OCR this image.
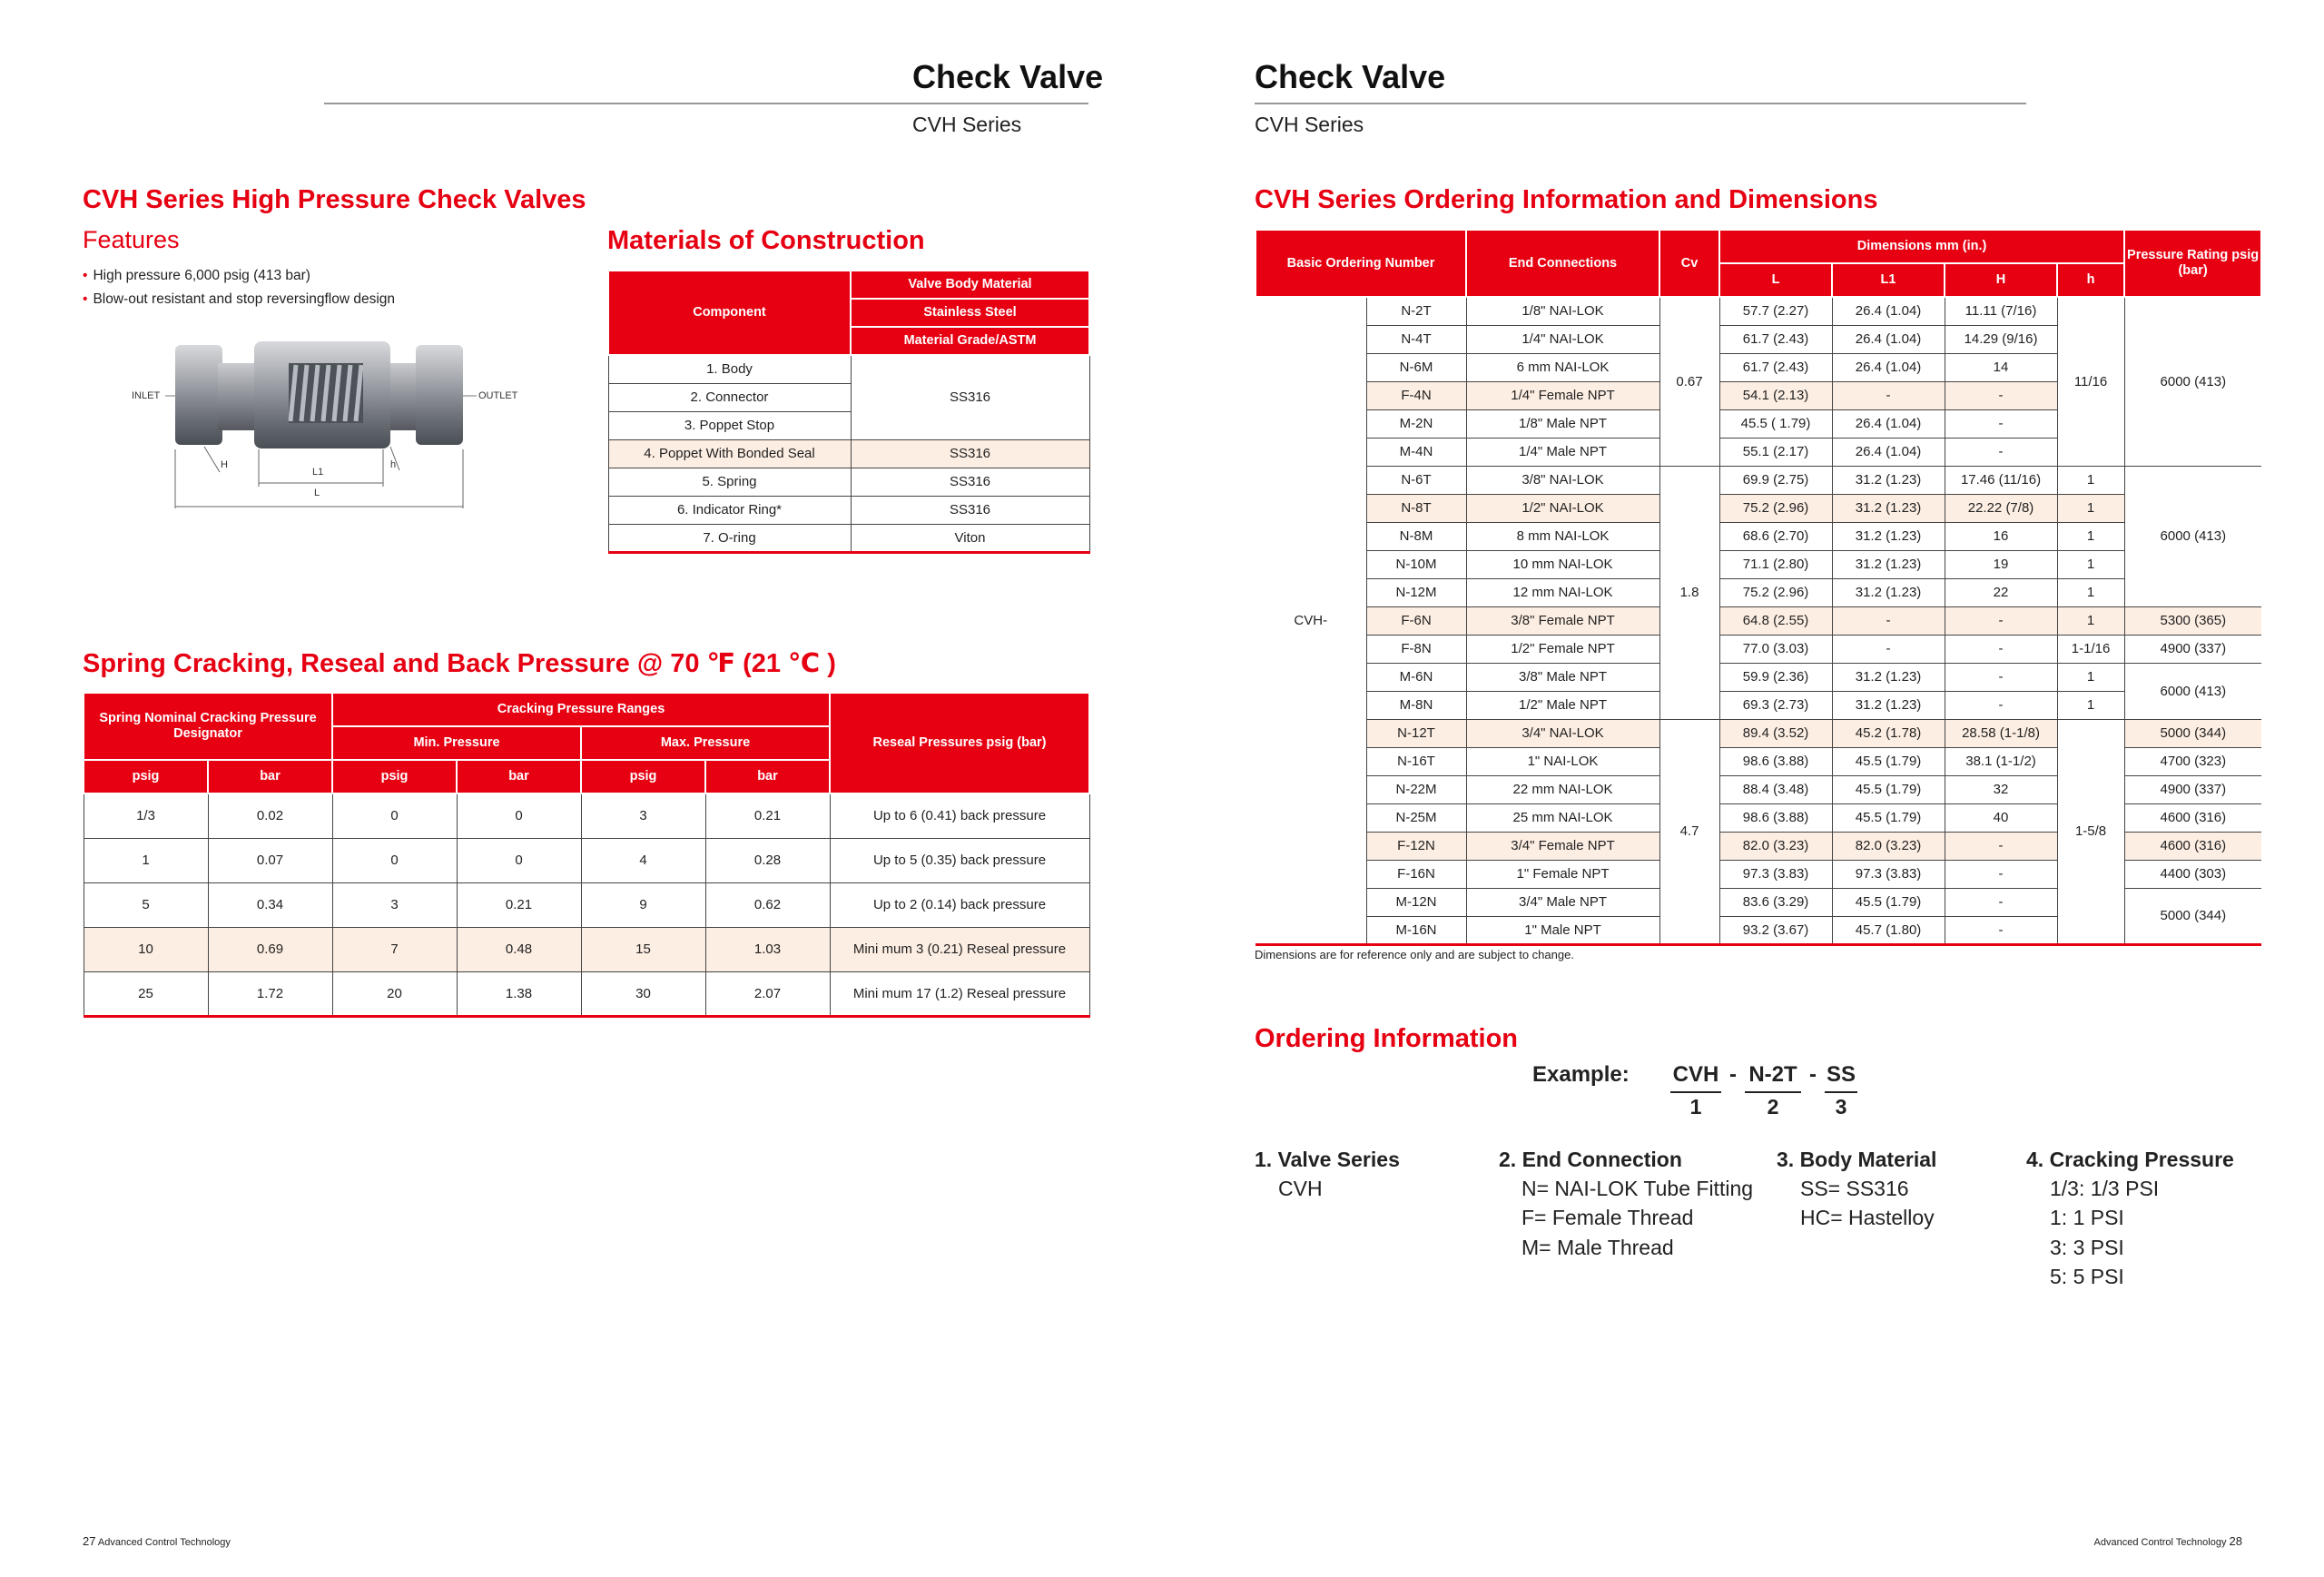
Check Valve
CVH Series
Check Valve
CVH Series
CVH Series High Pressure Check Valves
Features
• High pressure 6,000 psig (413 bar)
• Blow-out resistant and stop reversingflow design
INLET	OUTLET
H	h
L1
L
Materials of Construction
Component	Valve Body Material
	Stainless Steel
	Material Grade/ASTM
1. Body	SS316
2. Connector	
3. Poppet Stop	
4. Poppet With Bonded Seal	SS316
5. Spring	SS316
6. Indicator Ring*	SS316
7. O-ring	Viton
Spring Cracking, Reseal and Back Pressure @ 70 ℉ (21 ℃ )
Spring Nominal Cracking Pressure Designator		Cracking Pressure Ranges				Reseal Pressures psig (bar)
		Min. Pressure		Max. Pressure		
psig	bar	psig	bar	psig	bar	
1/3	0.02	0	0	3	0.21	Up to 6 (0.41) back pressure
1	0.07	0	0	4	0.28	Up to 5 (0.35) back pressure
5	0.34	3	0.21	9	0.62	Up to 2 (0.14) back pressure
10	0.69	7	0.48	15	1.03	Mini mum 3 (0.21) Reseal pressure
25	1.72	20	1.38	30	2.07	Mini mum 17 (1.2) Reseal pressure
CVH Series Ordering Information and Dimensions
Basic Ordering Number		End Connections	Cv	Dimensions mm (in.)				Pressure Rating psig (bar)
				L	L1	H	h	
CVH-	N-2T	1/8" NAI-LOK	0.67	57.7 (2.27)	26.4 (1.04)	11.11 (7/16)	11/16	6000 (413)
	N-4T	1/4" NAI-LOK		61.7 (2.43)	26.4 (1.04)	14.29 (9/16)		
	N-6M	6 mm NAI-LOK		61.7 (2.43)	26.4 (1.04)	14		
	F-4N	1/4" Female NPT		54.1 (2.13)	-	-		
	M-2N	1/8" Male NPT		45.5 ( 1.79)	26.4 (1.04)	-		
	M-4N	1/4" Male NPT		55.1 (2.17)	26.4 (1.04)	-		
	N-6T	3/8" NAI-LOK	1.8	69.9 (2.75)	31.2 (1.23)	17.46 (11/16)	1	6000 (413)
	N-8T	1/2" NAI-LOK		75.2 (2.96)	31.2 (1.23)	22.22 (7/8)	1	
	N-8M	8 mm NAI-LOK		68.6 (2.70)	31.2 (1.23)	16	1	
	N-10M	10 mm NAI-LOK		71.1 (2.80)	31.2 (1.23)	19	1	
	N-12M	12 mm NAI-LOK		75.2 (2.96)	31.2 (1.23)	22	1	
	F-6N	3/8" Female NPT		64.8 (2.55)	-	-	1	5300 (365)
	F-8N	1/2" Female NPT		77.0 (3.03)	-	-	1-1/16	4900 (337)
	M-6N	3/8" Male NPT		59.9 (2.36)	31.2 (1.23)	-	1	6000 (413)
	M-8N	1/2" Male NPT		69.3 (2.73)	31.2 (1.23)	-	1	
	N-12T	3/4" NAI-LOK	4.7	89.4 (3.52)	45.2 (1.78)	28.58 (1-1/8)	1-5/8	5000 (344)
	N-16T	1" NAI-LOK		98.6 (3.88)	45.5 (1.79)	38.1 (1-1/2)		4700 (323)
	N-22M	22 mm NAI-LOK		88.4 (3.48)	45.5 (1.79)	32		4900 (337)
	N-25M	25 mm NAI-LOK		98.6 (3.88)	45.5 (1.79)	40		4600 (316)
	F-12N	3/4" Female NPT		82.0 (3.23)	82.0 (3.23)	-		4600 (316)
	F-16N	1" Female NPT		97.3 (3.83)	97.3 (3.83)	-		4400 (303)
	M-12N	3/4" Male NPT		83.6 (3.29)	45.5 (1.79)	-		5000 (344)
	M-16N	1" Male NPT		93.2 (3.67)	45.7 (1.80)	-		
Dimensions are for reference only and are subject to change.
Ordering Information
Example: CVH - N-2T - SS
1	2	3
1. Valve Series
CVH
2. End Connection
N= NAI-LOK Tube Fitting
F= Female Thread
M= Male Thread
3. Body Material
SS= SS316
HC= Hastelloy
4. Cracking Pressure
1/3: 1/3 PSI
1: 1 PSI
3: 3 PSI
5: 5 PSI
27 Advanced Control Technology	Advanced Control Technology 28
